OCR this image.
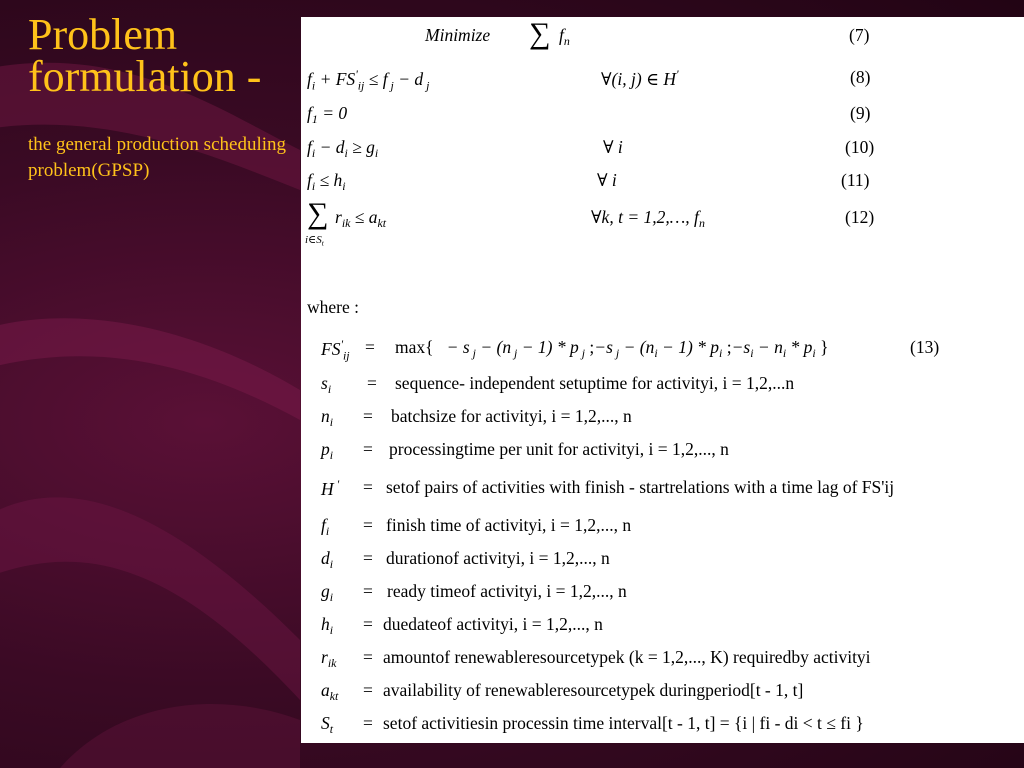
Problem
formulation -
the general production scheduling problem(GPSP)
Minimize ∑ $f_n$	(7)
$f_i + FS'_{ij} \le f$ $_j$ − d $_j$	∀(i, j) ∈ H'	(8)
$f_1 = 0$	(9)
$f_i - d_i \ge g_i$	∀ i	(10)
$f_i \le h_i$	∀ i	(11)
∑
$i\in S_t$
$r_{ik} \le a_{kt}$	∀k, t = 1,2,…, $f_n$	(12)
where :
$FS'_{ij} = \max\{ - s$ $_j$ − (n $_j$ − 1) * p $_j$ ;−s $_j - (n_i - 1) * p_i$ $;-s_i - n_i * p_i$ }	(13)
$s_i$ = sequence- independent setuptime for activityi, i = 1,2,...n
$n_i$ = batchsize for activityi, i = 1,2,..., n
$p_i$ = processingtime per unit for activityi, i = 1,2,..., n
H ' = setof pairs of activities with finish - startrelations with a time lag of FS'ij
$f_i$ = finish time of activityi, i = 1,2,..., n
$d_i$ = durationof activityi, i = 1,2,..., n
$g_i$ = ready timeof activityi, i = 1,2,..., n
$h_i$ = duedateof activityi, i = 1,2,..., n
$r_{ik}$ = amountof renewableresourcetypek (k = 1,2,..., K) requiredby activityi
$a_{kt}$ = availability of renewableresourcetypek duringperiod[t - 1, t]
$S_t$ = setof activitiesin processin time interval[t - 1, t] = {i | fi - di < t ≤ fi }
